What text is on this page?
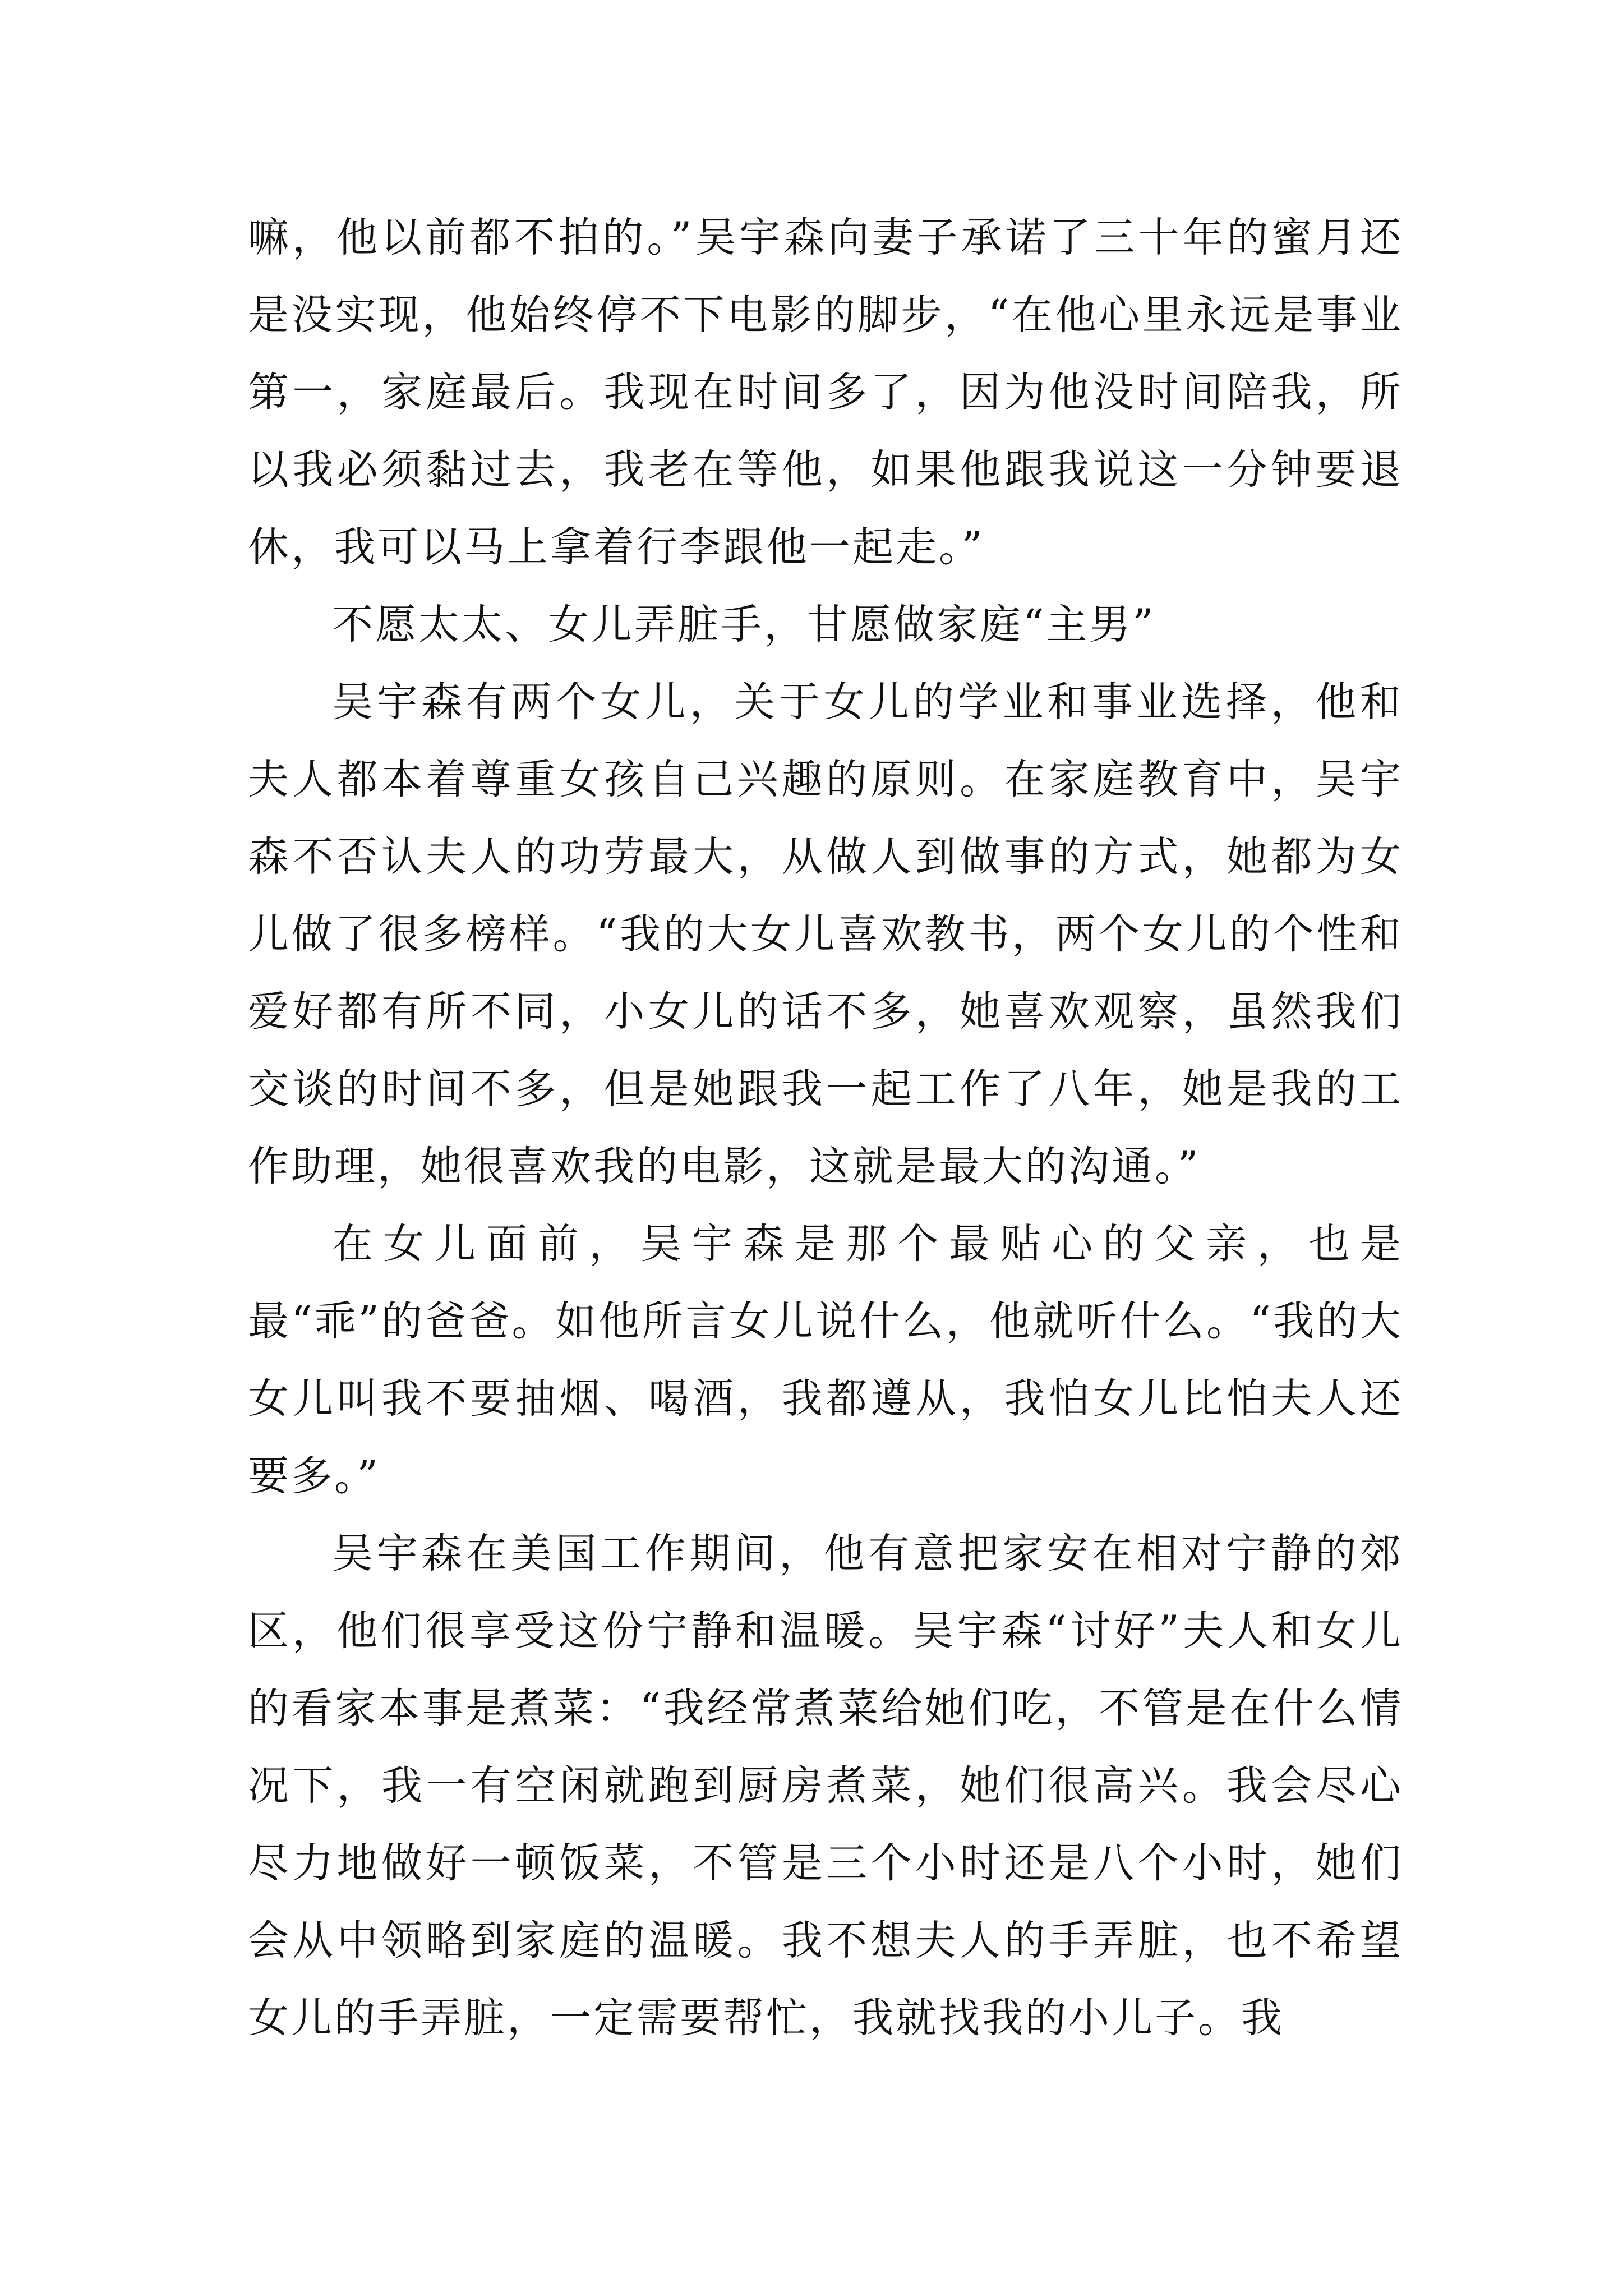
嘛，他以前都不拍的。”吴宇森向妻子承诺了三十年的蜜月还是没实现，他始终停不下电影的脚步，“在他心里永远是事业第一，家庭最后。我现在时间多了，因为他没时间陪我，所以我必须黏过去，我老在等他，如果他跟我说这一分钟要退休，我可以马上拿着行李跟他一起走。”

不愿太太、女儿弄脏手，甘愿做家庭“主男”

吴宇森有两个女儿，关于女儿的学业和事业选择，他和夫人都本着尊重女孩自己兴趣的原则。在家庭教育中，吴宇森不否认夫人的功劳最大，从做人到做事的方式，她都为女儿做了很多榜样。“我的大女儿喜欢教书，两个女儿的个性和爱好都有所不同，小女儿的话不多，她喜欢观察，虽然我们交谈的时间不多，但是她跟我一起工作了八年，她是我的工作助理，她很喜欢我的电影，这就是最大的沟通。”

在女儿面前，吴宇森是那个最贴心的父亲，也是最“乖”的爸爸。如他所言女儿说什么，他就听什么。“我的大女儿叫我不要抽烟、喝酒，我都遵从，我怕女儿比怕夫人还要多。”

吴宇森在美国工作期间，他有意把家安在相对宁静的郊区，他们很享受这份宁静和温暖。吴宇森“讨好”夫人和女儿的看家本事是煮菜：“我经常煮菜给她们吃，不管是在什么情况下，我一有空闲就跑到厨房煮菜，她们很高兴。我会尽心尽力地做好一顿饭菜，不管是三个小时还是八个小时，她们会从中领略到家庭的温暖。我不想夫人的手弄脏，也不希望女儿的手弄脏，一定需要帮忙，我就找我的小儿子。我
